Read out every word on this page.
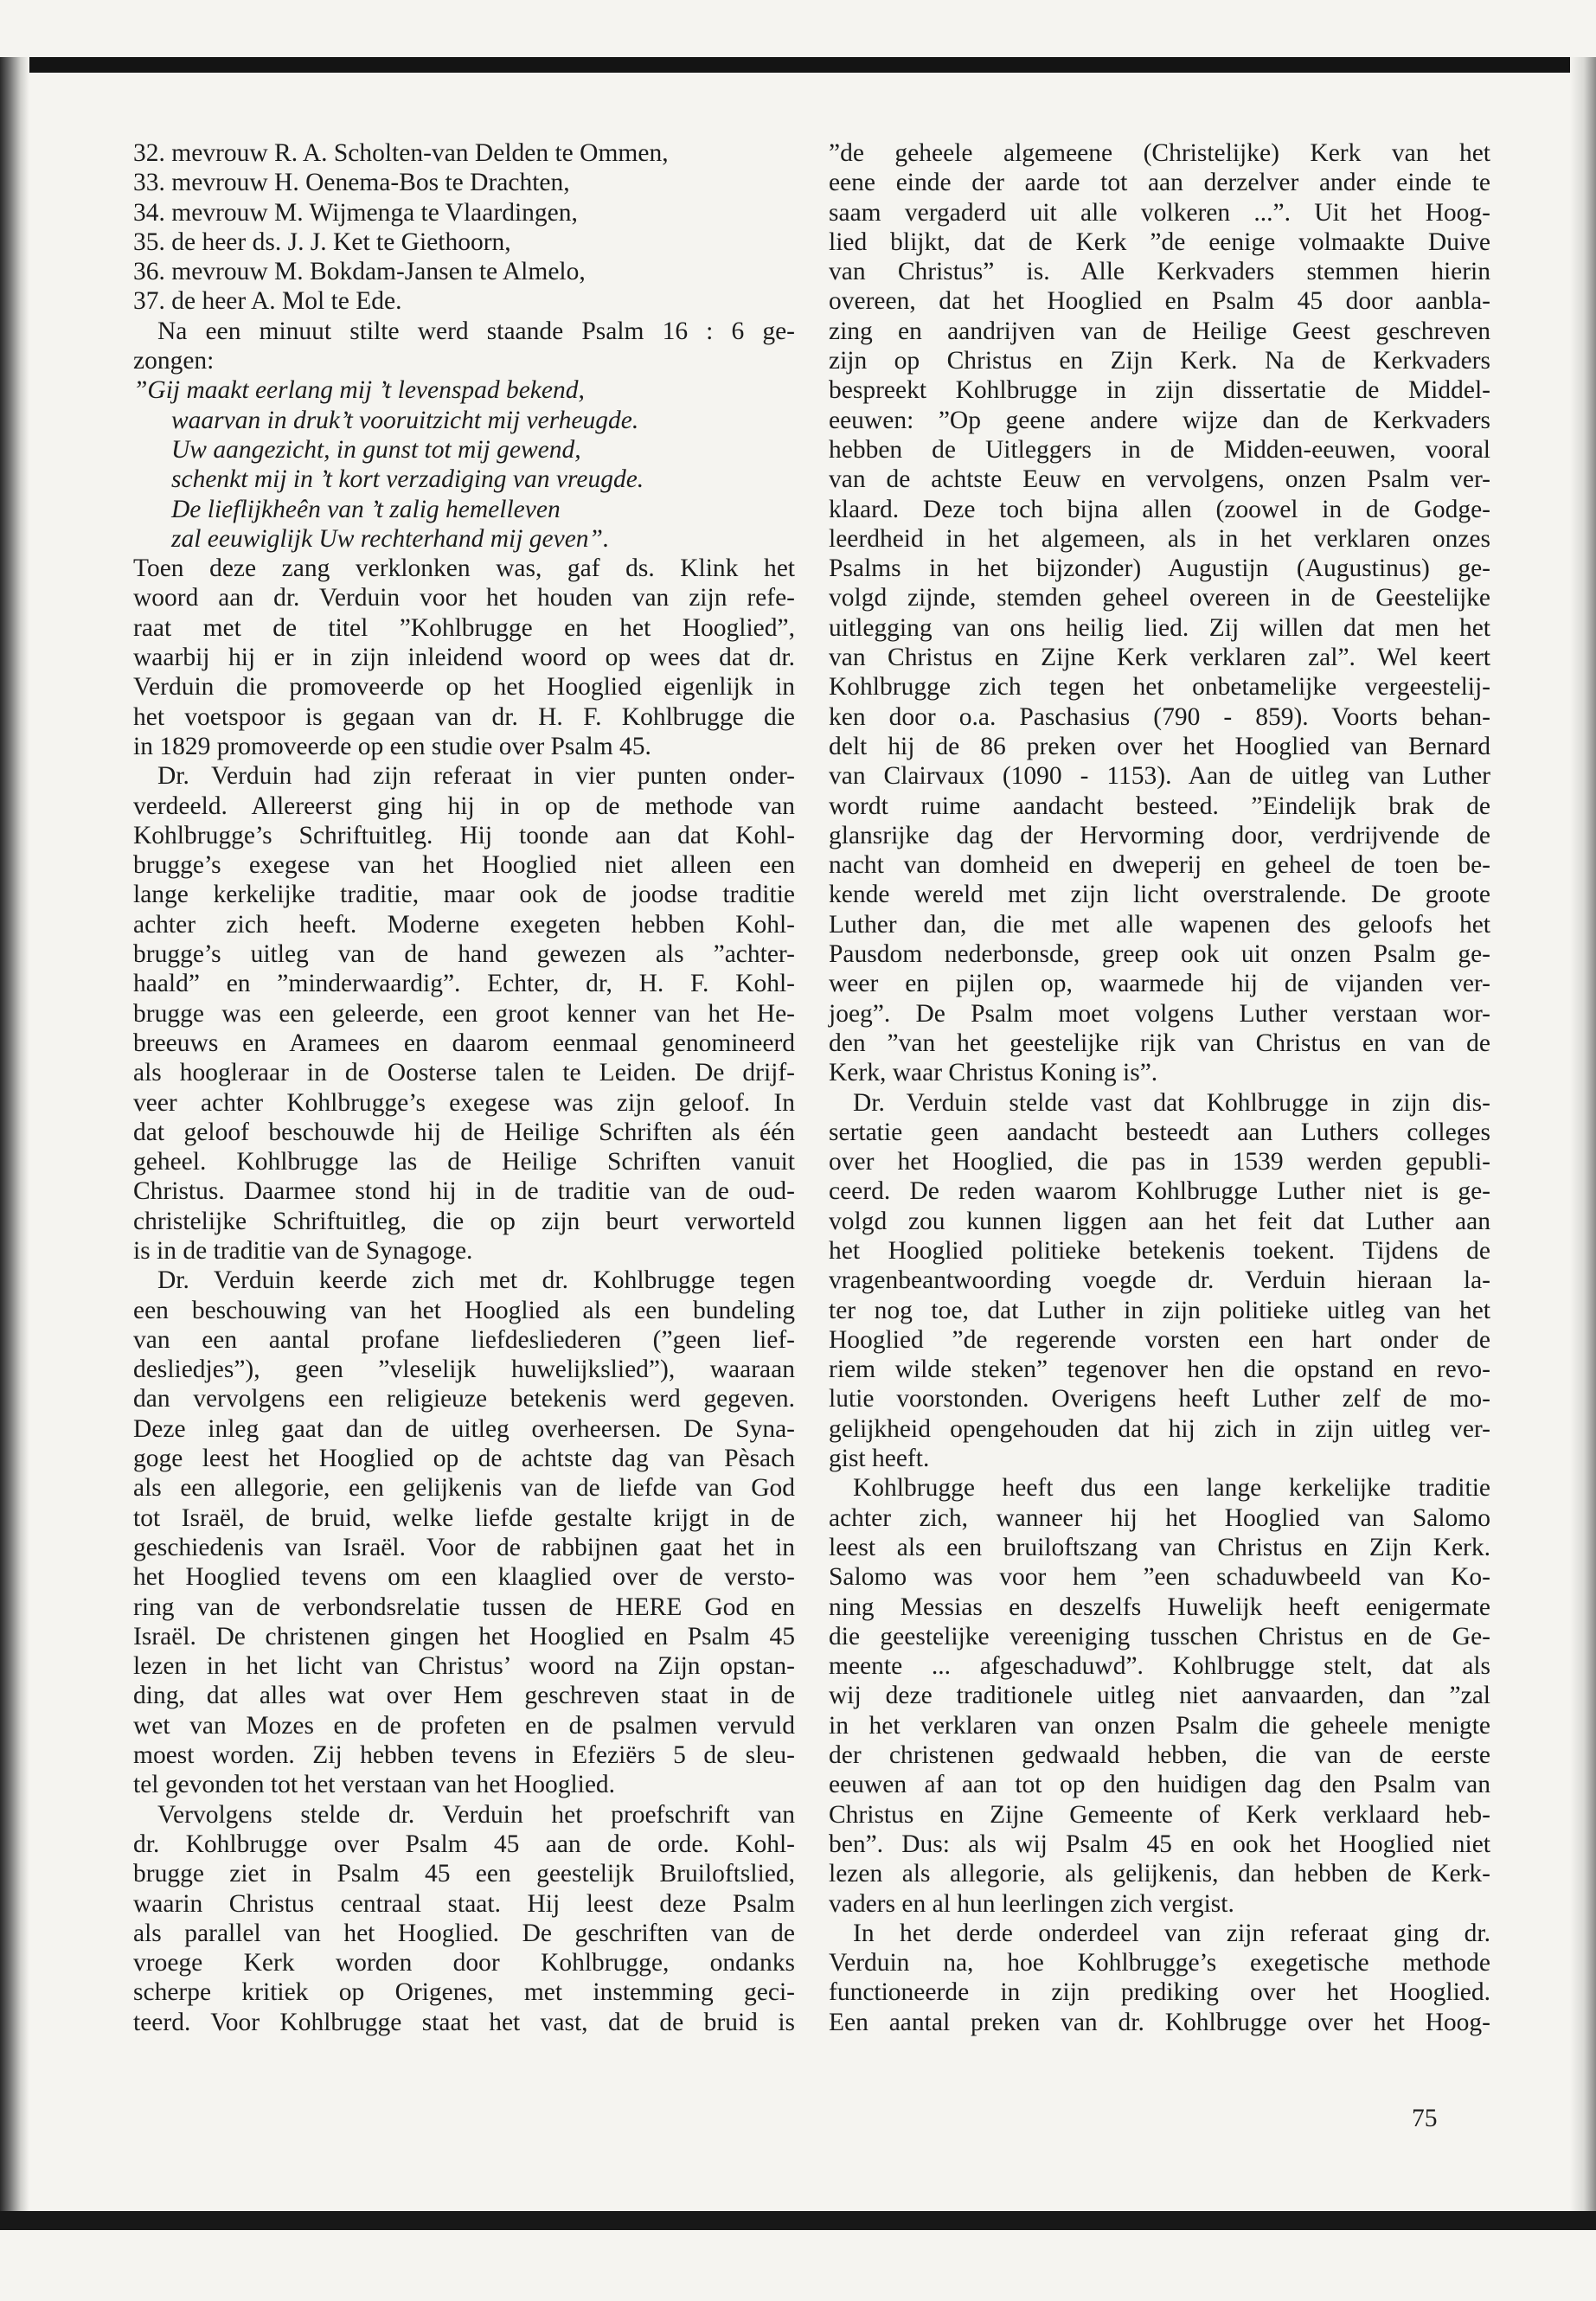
32. mevrouw R. A. Scholten-van Delden te Ommen,
33. mevrouw H. Oenema-Bos te Drachten,
34. mevrouw M. Wijmenga te Vlaardingen,
35. de heer ds. J. J. Ket te Giethoorn,
36. mevrouw M. Bokdam-Jansen te Almelo,
37. de heer A. Mol te Ede.
Na een minuut stilte werd staande Psalm 16 : 6 ge-
zongen:
”Gij maakt eerlang mij ’t levenspad bekend,
waarvan in druk’t vooruitzicht mij verheugde.
Uw aangezicht, in gunst tot mij gewend,
schenkt mij in ’t kort verzadiging van vreugde.
De lieflijkheên van ’t zalig hemelleven
zal eeuwiglijk Uw rechterhand mij geven”.
Toen deze zang verklonken was, gaf ds. Klink het
woord aan dr. Verduin voor het houden van zijn refe-
raat met de titel ”Kohlbrugge en het Hooglied”,
waarbij hij er in zijn inleidend woord op wees dat dr.
Verduin die promoveerde op het Hooglied eigenlijk in
het voetspoor is gegaan van dr. H. F. Kohlbrugge die
in 1829 promoveerde op een studie over Psalm 45.
Dr. Verduin had zijn referaat in vier punten onder-
verdeeld. Allereerst ging hij in op de methode van
Kohlbrugge’s Schriftuitleg. Hij toonde aan dat Kohl-
brugge’s exegese van het Hooglied niet alleen een
lange kerkelijke traditie, maar ook de joodse traditie
achter zich heeft. Moderne exegeten hebben Kohl-
brugge’s uitleg van de hand gewezen als ”achter-
haald” en ”minderwaardig”. Echter, dr, H. F. Kohl-
brugge was een geleerde, een groot kenner van het He-
breeuws en Aramees en daarom eenmaal genomineerd
als hoogleraar in de Oosterse talen te Leiden. De drijf-
veer achter Kohlbrugge’s exegese was zijn geloof. In
dat geloof beschouwde hij de Heilige Schriften als één
geheel. Kohlbrugge las de Heilige Schriften vanuit
Christus. Daarmee stond hij in de traditie van de oud-
christelijke Schriftuitleg, die op zijn beurt verworteld
is in de traditie van de Synagoge.
Dr. Verduin keerde zich met dr. Kohlbrugge tegen
een beschouwing van het Hooglied als een bundeling
van een aantal profane liefdesliederen (”geen lief-
desliedjes”), geen ”vleselijk huwelijkslied”), waaraan
dan vervolgens een religieuze betekenis werd gegeven.
Deze inleg gaat dan de uitleg overheersen. De Syna-
goge leest het Hooglied op de achtste dag van Pèsach
als een allegorie, een gelijkenis van de liefde van God
tot Israël, de bruid, welke liefde gestalte krijgt in de
geschiedenis van Israël. Voor de rabbijnen gaat het in
het Hooglied tevens om een klaaglied over de versto-
ring van de verbondsrelatie tussen de HERE God en
Israël. De christenen gingen het Hooglied en Psalm 45
lezen in het licht van Christus’ woord na Zijn opstan-
ding, dat alles wat over Hem geschreven staat in de
wet van Mozes en de profeten en de psalmen vervuld
moest worden. Zij hebben tevens in Efeziërs 5 de sleu-
tel gevonden tot het verstaan van het Hooglied.
Vervolgens stelde dr. Verduin het proefschrift van
dr. Kohlbrugge over Psalm 45 aan de orde. Kohl-
brugge ziet in Psalm 45 een geestelijk Bruiloftslied,
waarin Christus centraal staat. Hij leest deze Psalm
als parallel van het Hooglied. De geschriften van de
vroege Kerk worden door Kohlbrugge, ondanks
scherpe kritiek op Origenes, met instemming geci-
teerd. Voor Kohlbrugge staat het vast, dat de bruid is
”de geheele algemeene (Christelijke) Kerk van het
eene einde der aarde tot aan derzelver ander einde te
saam vergaderd uit alle volkeren ...”. Uit het Hoog-
lied blijkt, dat de Kerk ”de eenige volmaakte Duive
van Christus” is. Alle Kerkvaders stemmen hierin
overeen, dat het Hooglied en Psalm 45 door aanbla-
zing en aandrijven van de Heilige Geest geschreven
zijn op Christus en Zijn Kerk. Na de Kerkvaders
bespreekt Kohlbrugge in zijn dissertatie de Middel-
eeuwen: ”Op geene andere wijze dan de Kerkvaders
hebben de Uitleggers in de Midden-eeuwen, vooral
van de achtste Eeuw en vervolgens, onzen Psalm ver-
klaard. Deze toch bijna allen (zoowel in de Godge-
leerdheid in het algemeen, als in het verklaren onzes
Psalms in het bijzonder) Augustijn (Augustinus) ge-
volgd zijnde, stemden geheel overeen in de Geestelijke
uitlegging van ons heilig lied. Zij willen dat men het
van Christus en Zijne Kerk verklaren zal”. Wel keert
Kohlbrugge zich tegen het onbetamelijke vergeestelij-
ken door o.a. Paschasius (790 - 859). Voorts behan-
delt hij de 86 preken over het Hooglied van Bernard
van Clairvaux (1090 - 1153). Aan de uitleg van Luther
wordt ruime aandacht besteed. ”Eindelijk brak de
glansrijke dag der Hervorming door, verdrijvende de
nacht van domheid en dweperij en geheel de toen be-
kende wereld met zijn licht overstralende. De groote
Luther dan, die met alle wapenen des geloofs het
Pausdom nederbonsde, greep ook uit onzen Psalm ge-
weer en pijlen op, waarmede hij de vijanden ver-
joeg”. De Psalm moet volgens Luther verstaan wor-
den ”van het geestelijke rijk van Christus en van de
Kerk, waar Christus Koning is”.
Dr. Verduin stelde vast dat Kohlbrugge in zijn dis-
sertatie geen aandacht besteedt aan Luthers colleges
over het Hooglied, die pas in 1539 werden gepubli-
ceerd. De reden waarom Kohlbrugge Luther niet is ge-
volgd zou kunnen liggen aan het feit dat Luther aan
het Hooglied politieke betekenis toekent. Tijdens de
vragenbeantwoording voegde dr. Verduin hieraan la-
ter nog toe, dat Luther in zijn politieke uitleg van het
Hooglied ”de regerende vorsten een hart onder de
riem wilde steken” tegenover hen die opstand en revo-
lutie voorstonden. Overigens heeft Luther zelf de mo-
gelijkheid opengehouden dat hij zich in zijn uitleg ver-
gist heeft.
Kohlbrugge heeft dus een lange kerkelijke traditie
achter zich, wanneer hij het Hooglied van Salomo
leest als een bruiloftszang van Christus en Zijn Kerk.
Salomo was voor hem ”een schaduwbeeld van Ko-
ning Messias en deszelfs Huwelijk heeft eenigermate
die geestelijke vereeniging tusschen Christus en de Ge-
meente ... afgeschaduwd”. Kohlbrugge stelt, dat als
wij deze traditionele uitleg niet aanvaarden, dan ”zal
in het verklaren van onzen Psalm die geheele menigte
der christenen gedwaald hebben, die van de eerste
eeuwen af aan tot op den huidigen dag den Psalm van
Christus en Zijne Gemeente of Kerk verklaard heb-
ben”. Dus: als wij Psalm 45 en ook het Hooglied niet
lezen als allegorie, als gelijkenis, dan hebben de Kerk-
vaders en al hun leerlingen zich vergist.
In het derde onderdeel van zijn referaat ging dr.
Verduin na, hoe Kohlbrugge’s exegetische methode
functioneerde in zijn prediking over het Hooglied.
Een aantal preken van dr. Kohlbrugge over het Hoog-
75
